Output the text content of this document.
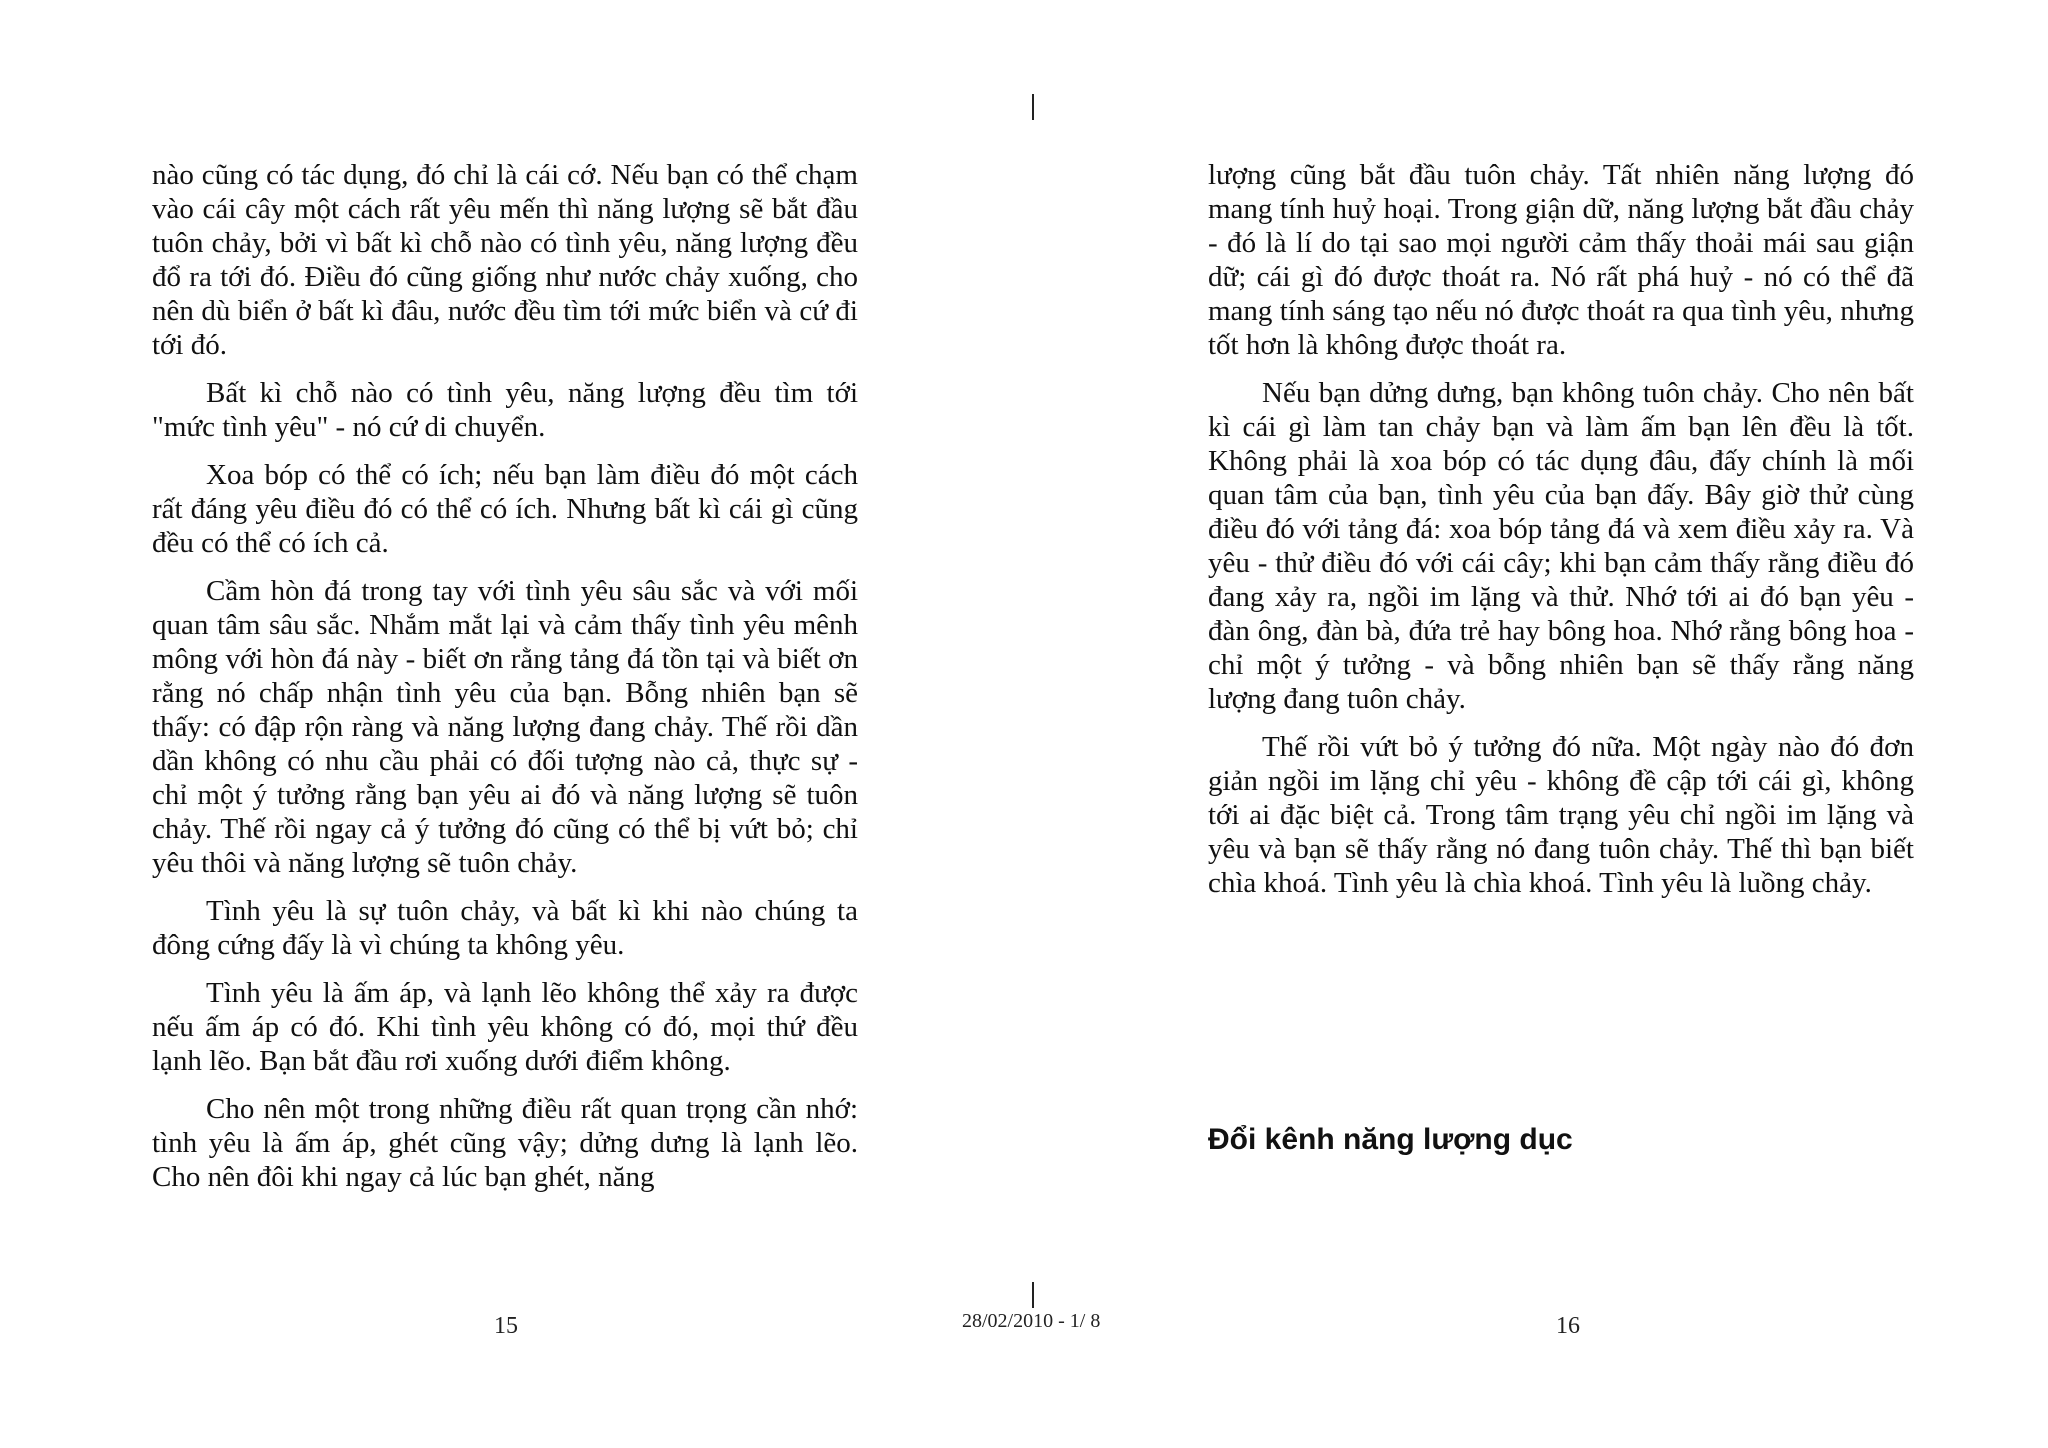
nào cũng có tác dụng, đó chỉ là cái cớ. Nếu bạn có thể chạm vào cái cây một cách rất yêu mến thì năng lượng sẽ bắt đầu tuôn chảy, bởi vì bất kì chỗ nào có tình yêu, năng lượng đều đổ ra tới đó. Điều đó cũng giống như nước chảy xuống, cho nên dù biển ở bất kì đâu, nước đều tìm tới mức biển và cứ đi tới đó.

Bất kì chỗ nào có tình yêu, năng lượng đều tìm tới "mức tình yêu" - nó cứ di chuyển.

Xoa bóp có thể có ích; nếu bạn làm điều đó một cách rất đáng yêu điều đó có thể có ích. Nhưng bất kì cái gì cũng đều có thể có ích cả.

Cầm hòn đá trong tay với tình yêu sâu sắc và với mối quan tâm sâu sắc. Nhắm mắt lại và cảm thấy tình yêu mênh mông với hòn đá này - biết ơn rằng tảng đá tồn tại và biết ơn rằng nó chấp nhận tình yêu của bạn. Bỗng nhiên bạn sẽ thấy: có đập rộn ràng và năng lượng đang chảy. Thế rồi dần dần không có nhu cầu phải có đối tượng nào cả, thực sự - chỉ một ý tưởng rằng bạn yêu ai đó và năng lượng sẽ tuôn chảy. Thế rồi ngay cả ý tưởng đó cũng có thể bị vứt bỏ; chỉ yêu thôi và năng lượng sẽ tuôn chảy.

Tình yêu là sự tuôn chảy, và bất kì khi nào chúng ta đông cứng đấy là vì chúng ta không yêu.

Tình yêu là ấm áp, và lạnh lẽo không thể xảy ra được nếu ấm áp có đó. Khi tình yêu không có đó, mọi thứ đều lạnh lẽo. Bạn bắt đầu rơi xuống dưới điểm không.

Cho nên một trong những điều rất quan trọng cần nhớ: tình yêu là ấm áp, ghét cũng vậy; dửng dưng là lạnh lẽo. Cho nên đôi khi ngay cả lúc bạn ghét, năng

lượng cũng bắt đầu tuôn chảy. Tất nhiên năng lượng đó mang tính huỷ hoại. Trong giận dữ, năng lượng bắt đầu chảy - đó là lí do tại sao mọi người cảm thấy thoải mái sau giận dữ; cái gì đó được thoát ra. Nó rất phá huỷ - nó có thể đã mang tính sáng tạo nếu nó được thoát ra qua tình yêu, nhưng tốt hơn là không được thoát ra.

Nếu bạn dửng dưng, bạn không tuôn chảy. Cho nên bất kì cái gì làm tan chảy bạn và làm ấm bạn lên đều là tốt. Không phải là xoa bóp có tác dụng đâu, đấy chính là mối quan tâm của bạn, tình yêu của bạn đấy. Bây giờ thử cùng điều đó với tảng đá: xoa bóp tảng đá và xem điều xảy ra. Và yêu - thử điều đó với cái cây; khi bạn cảm thấy rằng điều đó đang xảy ra, ngồi im lặng và thử. Nhớ tới ai đó bạn yêu - đàn ông, đàn bà, đứa trẻ hay bông hoa. Nhớ rằng bông hoa - chỉ một ý tưởng - và bỗng nhiên bạn sẽ thấy rằng năng lượng đang tuôn chảy.

Thế rồi vứt bỏ ý tưởng đó nữa. Một ngày nào đó đơn giản ngồi im lặng chỉ yêu - không đề cập tới cái gì, không tới ai đặc biệt cả. Trong tâm trạng yêu chỉ ngồi im lặng và yêu và bạn sẽ thấy rằng nó đang tuôn chảy. Thế thì bạn biết chìa khoá. Tình yêu là chìa khoá. Tình yêu là luồng chảy.

Đổi kênh năng lượng dục
15	28/02/2010 - 1/ 8	16
